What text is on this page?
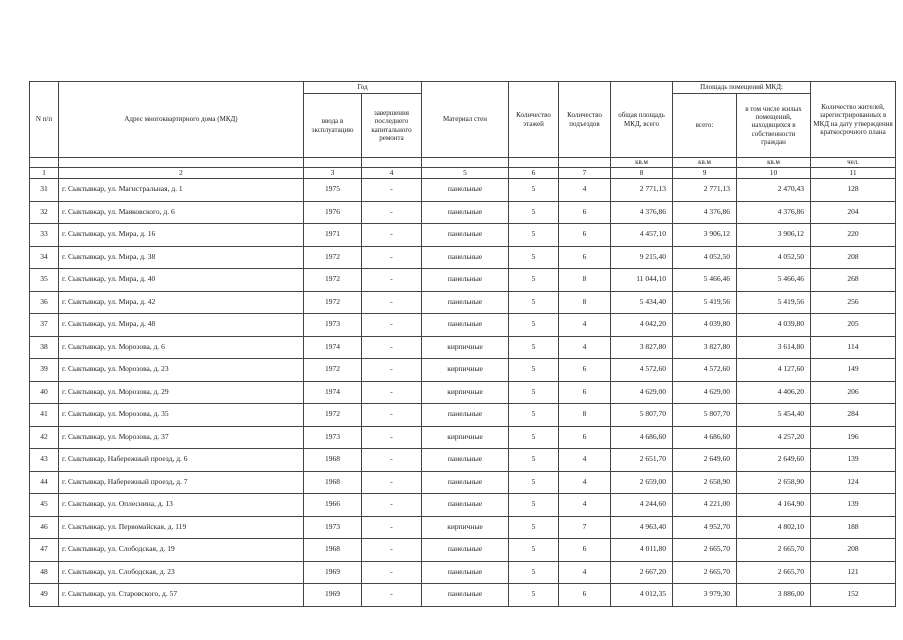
N п/п	Адрес многоквартирного дома (МКД)	Год		Материал стен	Количество этажей	Количество подъездов	общая площадь МКД, всего	Площадь помещений МКД:		Количество жителей, зарегистрированных в МКД на дату утверждения краткосрочного плана
		ввода в эксплуатацию	завершения последнего капитального ремонта					всего:	в том числе жилых помещений, находящихся в собственности граждан	
							кв.м	кв.м	кв.м	чел.
1	2	3	4	5	6	7	8	9	10	11
31	г. Сыктывкар, ул. Магистральная, д. 1	1975	-	панельные	5	4	2 771,13	2 771,13	2 470,43	128
32	г. Сыктывкар, ул. Маяковского, д. 6	1976	-	панельные	5	6	4 376,86	4 376,86	4 376,86	204
33	г. Сыктывкар, ул. Мира, д. 16	1971	-	панельные	5	6	4 457,10	3 906,12	3 906,12	220
34	г. Сыктывкар, ул. Мира, д. 38	1972	-	панельные	5	6	9 215,40	4 052,50	4 052,50	208
35	г. Сыктывкар, ул. Мира, д. 40	1972	-	панельные	5	8	11 044,10	5 466,46	5 466,46	268
36	г. Сыктывкар, ул. Мира, д. 42	1972	-	панельные	5	8	5 434,40	5 419,56	5 419,56	256
37	г. Сыктывкар, ул. Мира, д. 48	1973	-	панельные	5	4	4 042,20	4 039,80	4 039,80	205
38	г. Сыктывкар, ул. Морозова, д. 6	1974	-	кирпичные	5	4	3 827,80	3 827,80	3 614,80	114
39	г. Сыктывкар, ул. Морозова, д. 23	1972	-	кирпичные	5	6	4 572,60	4 572,60	4 127,60	149
40	г. Сыктывкар, ул. Морозова, д. 29	1974	-	кирпичные	5	6	4 629,00	4 629,00	4 406,20	206
41	г. Сыктывкар, ул. Морозова, д. 35	1972	-	панельные	5	8	5 807,70	5 807,70	5 454,40	284
42	г. Сыктывкар, ул. Морозова, д. 37	1973	-	кирпичные	5	6	4 686,60	4 686,60	4 257,20	196
43	г. Сыктывкар, Набережный проезд, д. 6	1968	-	панельные	5	4	2 651,70	2 649,60	2 649,60	139
44	г. Сыктывкар, Набережный проезд, д. 7	1968	-	панельные	5	4	2 659,00	2 658,90	2 658,90	124
45	г. Сыктывкар, ул. Оплеснина, д. 13	1966	-	панельные	5	4	4 244,60	4 221,00	4 164,90	139
46	г. Сыктывкар, ул. Первомайская, д. 119	1973	-	кирпичные	5	7	4 963,40	4 952,70	4 802,10	188
47	г. Сыктывкар, ул. Слободская, д. 19	1968	-	панельные	5	6	4 011,80	2 665,70	2 665,70	208
48	г. Сыктывкар, ул. Слободская, д. 23	1969	-	панельные	5	4	2 667,20	2 665,70	2 665,70	121
49	г. Сыктывкар, ул. Старовского, д. 57	1969	-	панельные	5	6	4 012,35	3 979,30	3 886,00	152
